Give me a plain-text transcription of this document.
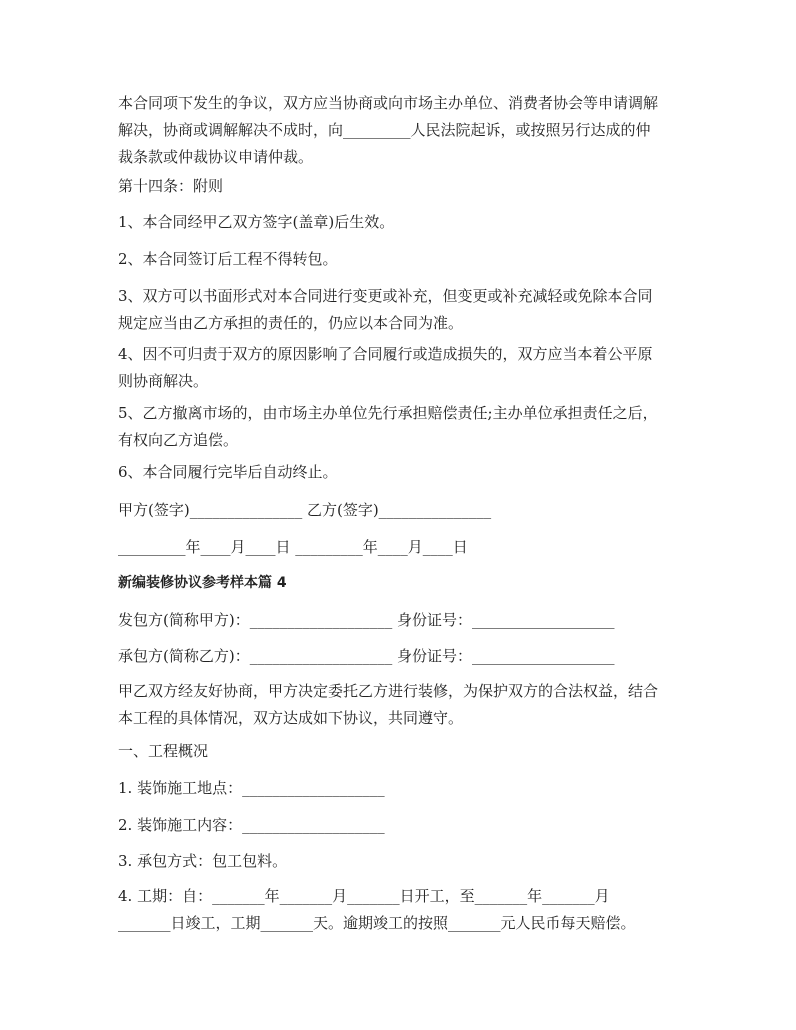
本合同项下发生的争议，双方应当协商或向市场主办单位、消费者协会等申请调解
解决，协商或调解解决不成时，向_________人民法院起诉，或按照另行达成的仲
裁条款或仲裁协议申请仲裁。

第十四条：附则

1、本合同经甲乙双方签字(盖章)后生效。

2、本合同签订后工程不得转包。

3、双方可以书面形式对本合同进行变更或补充，但变更或补充减轻或免除本合同
规定应当由乙方承担的责任的，仍应以本合同为准。

4、因不可归责于双方的原因影响了合同履行或造成损失的，双方应当本着公平原
则协商解决。

5、乙方撤离市场的，由市场主办单位先行承担赔偿责任;主办单位承担责任之后，
有权向乙方追偿。

6、本合同履行完毕后自动终止。

甲方(签字)_______________ 乙方(签字)_______________

_________年____月____日 _________年____月____日

新编装修协议参考样本篇 4

发包方(简称甲方)：___________________ 身份证号：___________________

承包方(简称乙方)：___________________ 身份证号：___________________

甲乙双方经友好协商，甲方决定委托乙方进行装修，为保护双方的合法权益，结合
本工程的具体情况，双方达成如下协议，共同遵守。

一、工程概况

1. 装饰施工地点：___________________

2. 装饰施工内容：___________________

3. 承包方式：包工包料。

4. 工期：自：_______年_______月_______日开工，至_______年_______月
_______日竣工，工期_______天。逾期竣工的按照_______元人民币每天赔偿。
